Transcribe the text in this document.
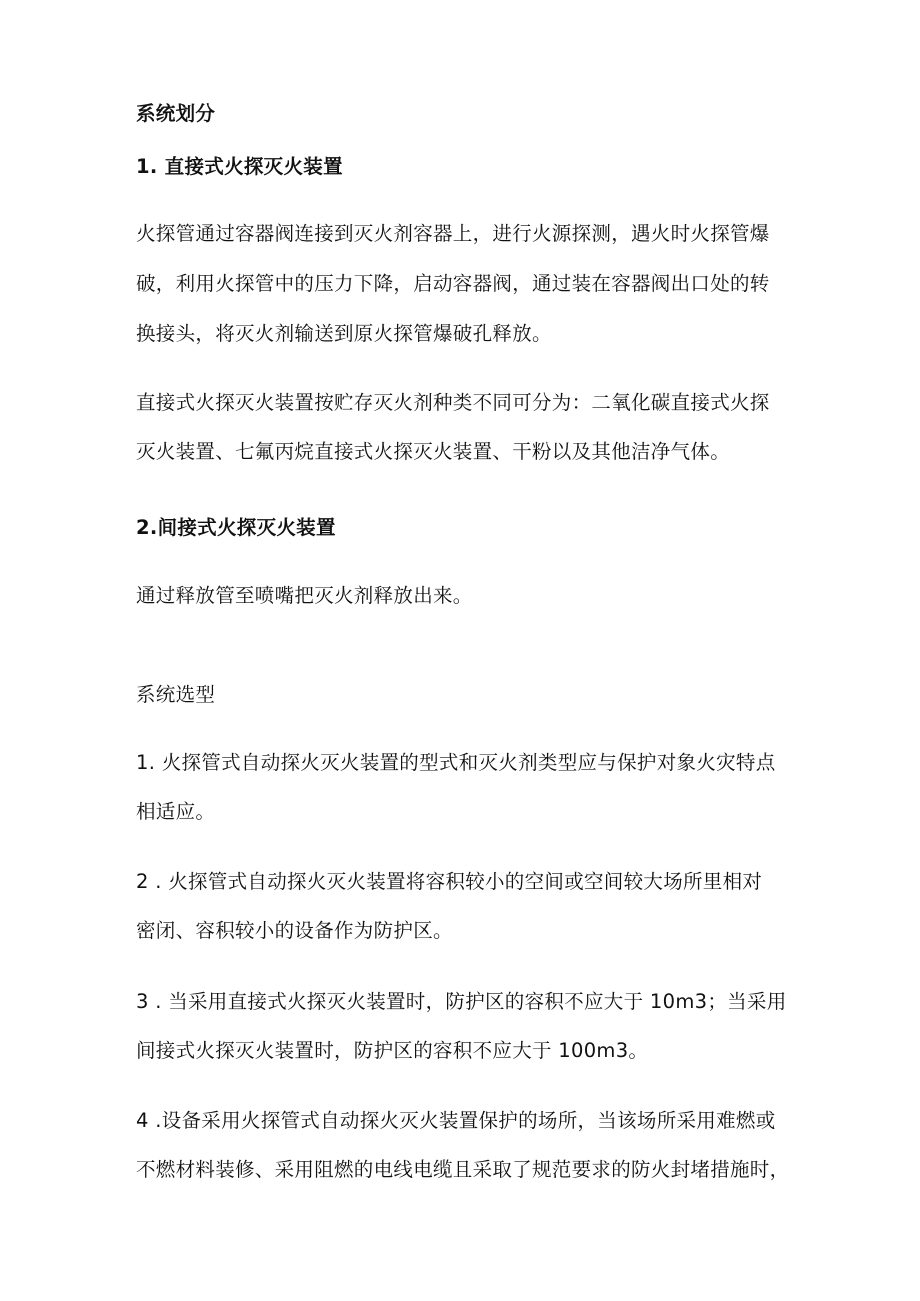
系统划分
1. 直接式火探灭火装置
火探管通过容器阀连接到灭火剂容器上，进行火源探测，遇火时火探管爆
破，利用火探管中的压力下降，启动容器阀，通过装在容器阀出口处的转
换接头，将灭火剂输送到原火探管爆破孔释放。
直接式火探灭火装置按贮存灭火剂种类不同可分为：二氧化碳直接式火探
灭火装置、七氟丙烷直接式火探灭火装置、干粉以及其他洁净气体。
2.间接式火探灭火装置
通过释放管至喷嘴把灭火剂释放出来。
系统选型
1. 火探管式自动探火灭火装置的型式和灭火剂类型应与保护对象火灾特点
相适应。
2 . 火探管式自动探火灭火装置将容积较小的空间或空间较大场所里相对
密闭、容积较小的设备作为防护区。
3 . 当采用直接式火探灭火装置时，防护区的容积不应大于 10m3；当采用
间接式火探灭火装置时，防护区的容积不应大于 100m3。
4 .设备采用火探管式自动探火灭火装置保护的场所，当该场所采用难燃或
不燃材料装修、采用阻燃的电线电缆且采取了规范要求的防火封堵措施时，
